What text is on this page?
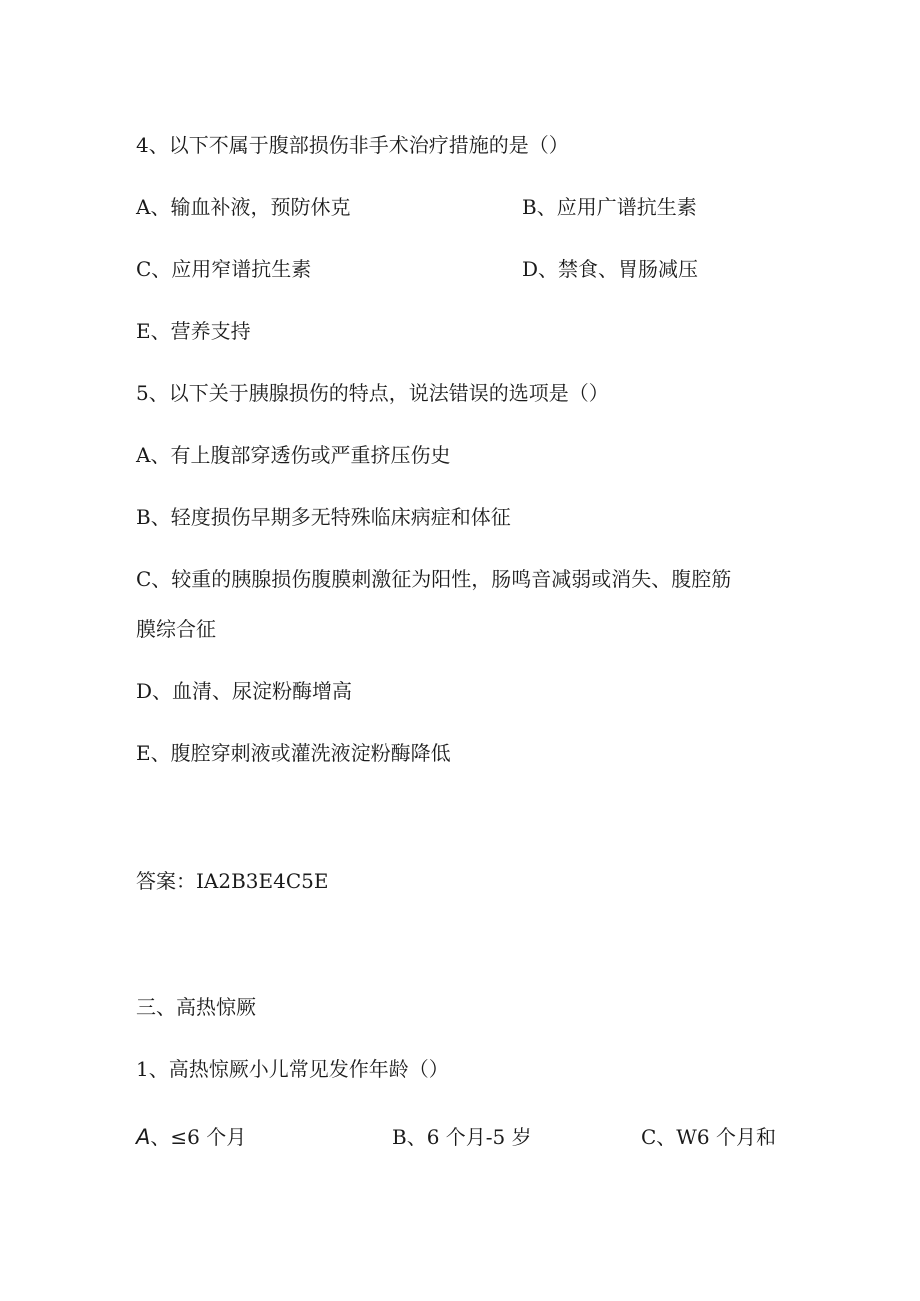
4、以下不属于腹部损伤非手术治疗措施的是（）
A、输血补液，预防休克	B、应用广谱抗生素
C、应用窄谱抗生素	D、禁食、胃肠减压
E、营养支持
5、以下关于胰腺损伤的特点，说法错误的选项是（）
A、有上腹部穿透伤或严重挤压伤史
B、轻度损伤早期多无特殊临床病症和体征
C、较重的胰腺损伤腹膜刺激征为阳性，肠鸣音减弱或消失、腹腔筋
膜综合征
D、血清、尿淀粉酶增高
E、腹腔穿刺液或灌洗液淀粉酶降低
答案：IA2B3E4C5E
三、高热惊厥
1、高热惊厥小儿常见发作年龄（）
A、≤6 个月	B、6 个月-5 岁	C、W6 个月和
